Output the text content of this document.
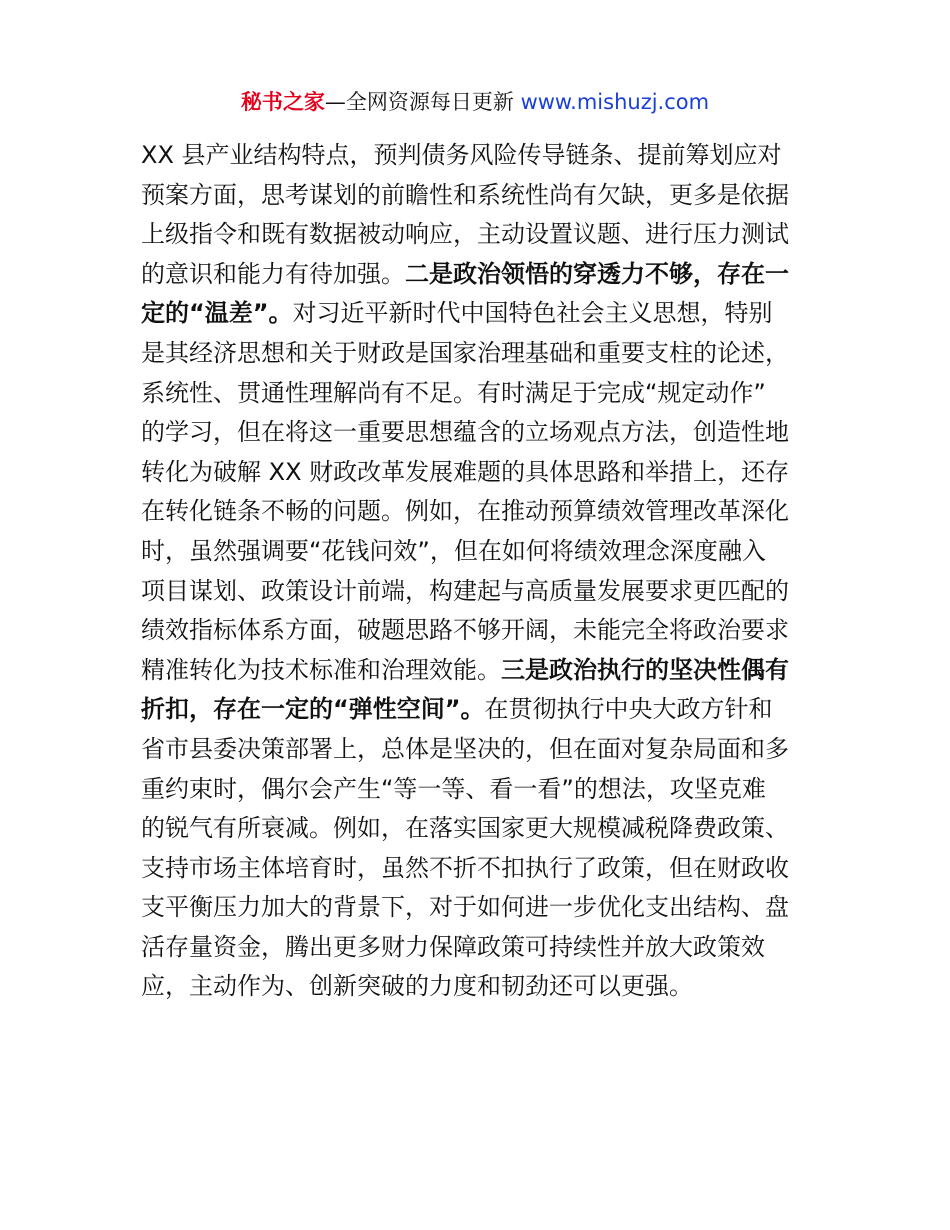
秘书之家—全网资源每日更新 www.mishuzj.com
XX 县产业结构特点，预判债务风险传导链条、提前筹划应对
预案方面，思考谋划的前瞻性和系统性尚有欠缺，更多是依据
上级指令和既有数据被动响应，主动设置议题、进行压力测试
的意识和能力有待加强。二是政治领悟的穿透力不够，存在一
定的“温差”。对习近平新时代中国特色社会主义思想，特别
是其经济思想和关于财政是国家治理基础和重要支柱的论述，
系统性、贯通性理解尚有不足。有时满足于完成“规定动作”
的学习，但在将这一重要思想蕴含的立场观点方法，创造性地
转化为破解 XX 财政改革发展难题的具体思路和举措上，还存
在转化链条不畅的问题。例如，在推动预算绩效管理改革深化
时，虽然强调要“花钱问效”，但在如何将绩效理念深度融入
项目谋划、政策设计前端，构建起与高质量发展要求更匹配的
绩效指标体系方面，破题思路不够开阔，未能完全将政治要求
精准转化为技术标准和治理效能。三是政治执行的坚决性偶有
折扣，存在一定的“弹性空间”。在贯彻执行中央大政方针和
省市县委决策部署上，总体是坚决的，但在面对复杂局面和多
重约束时，偶尔会产生“等一等、看一看”的想法，攻坚克难
的锐气有所衰减。例如，在落实国家更大规模减税降费政策、
支持市场主体培育时，虽然不折不扣执行了政策，但在财政收
支平衡压力加大的背景下，对于如何进一步优化支出结构、盘
活存量资金，腾出更多财力保障政策可持续性并放大政策效
应，主动作为、创新突破的力度和韧劲还可以更强。
